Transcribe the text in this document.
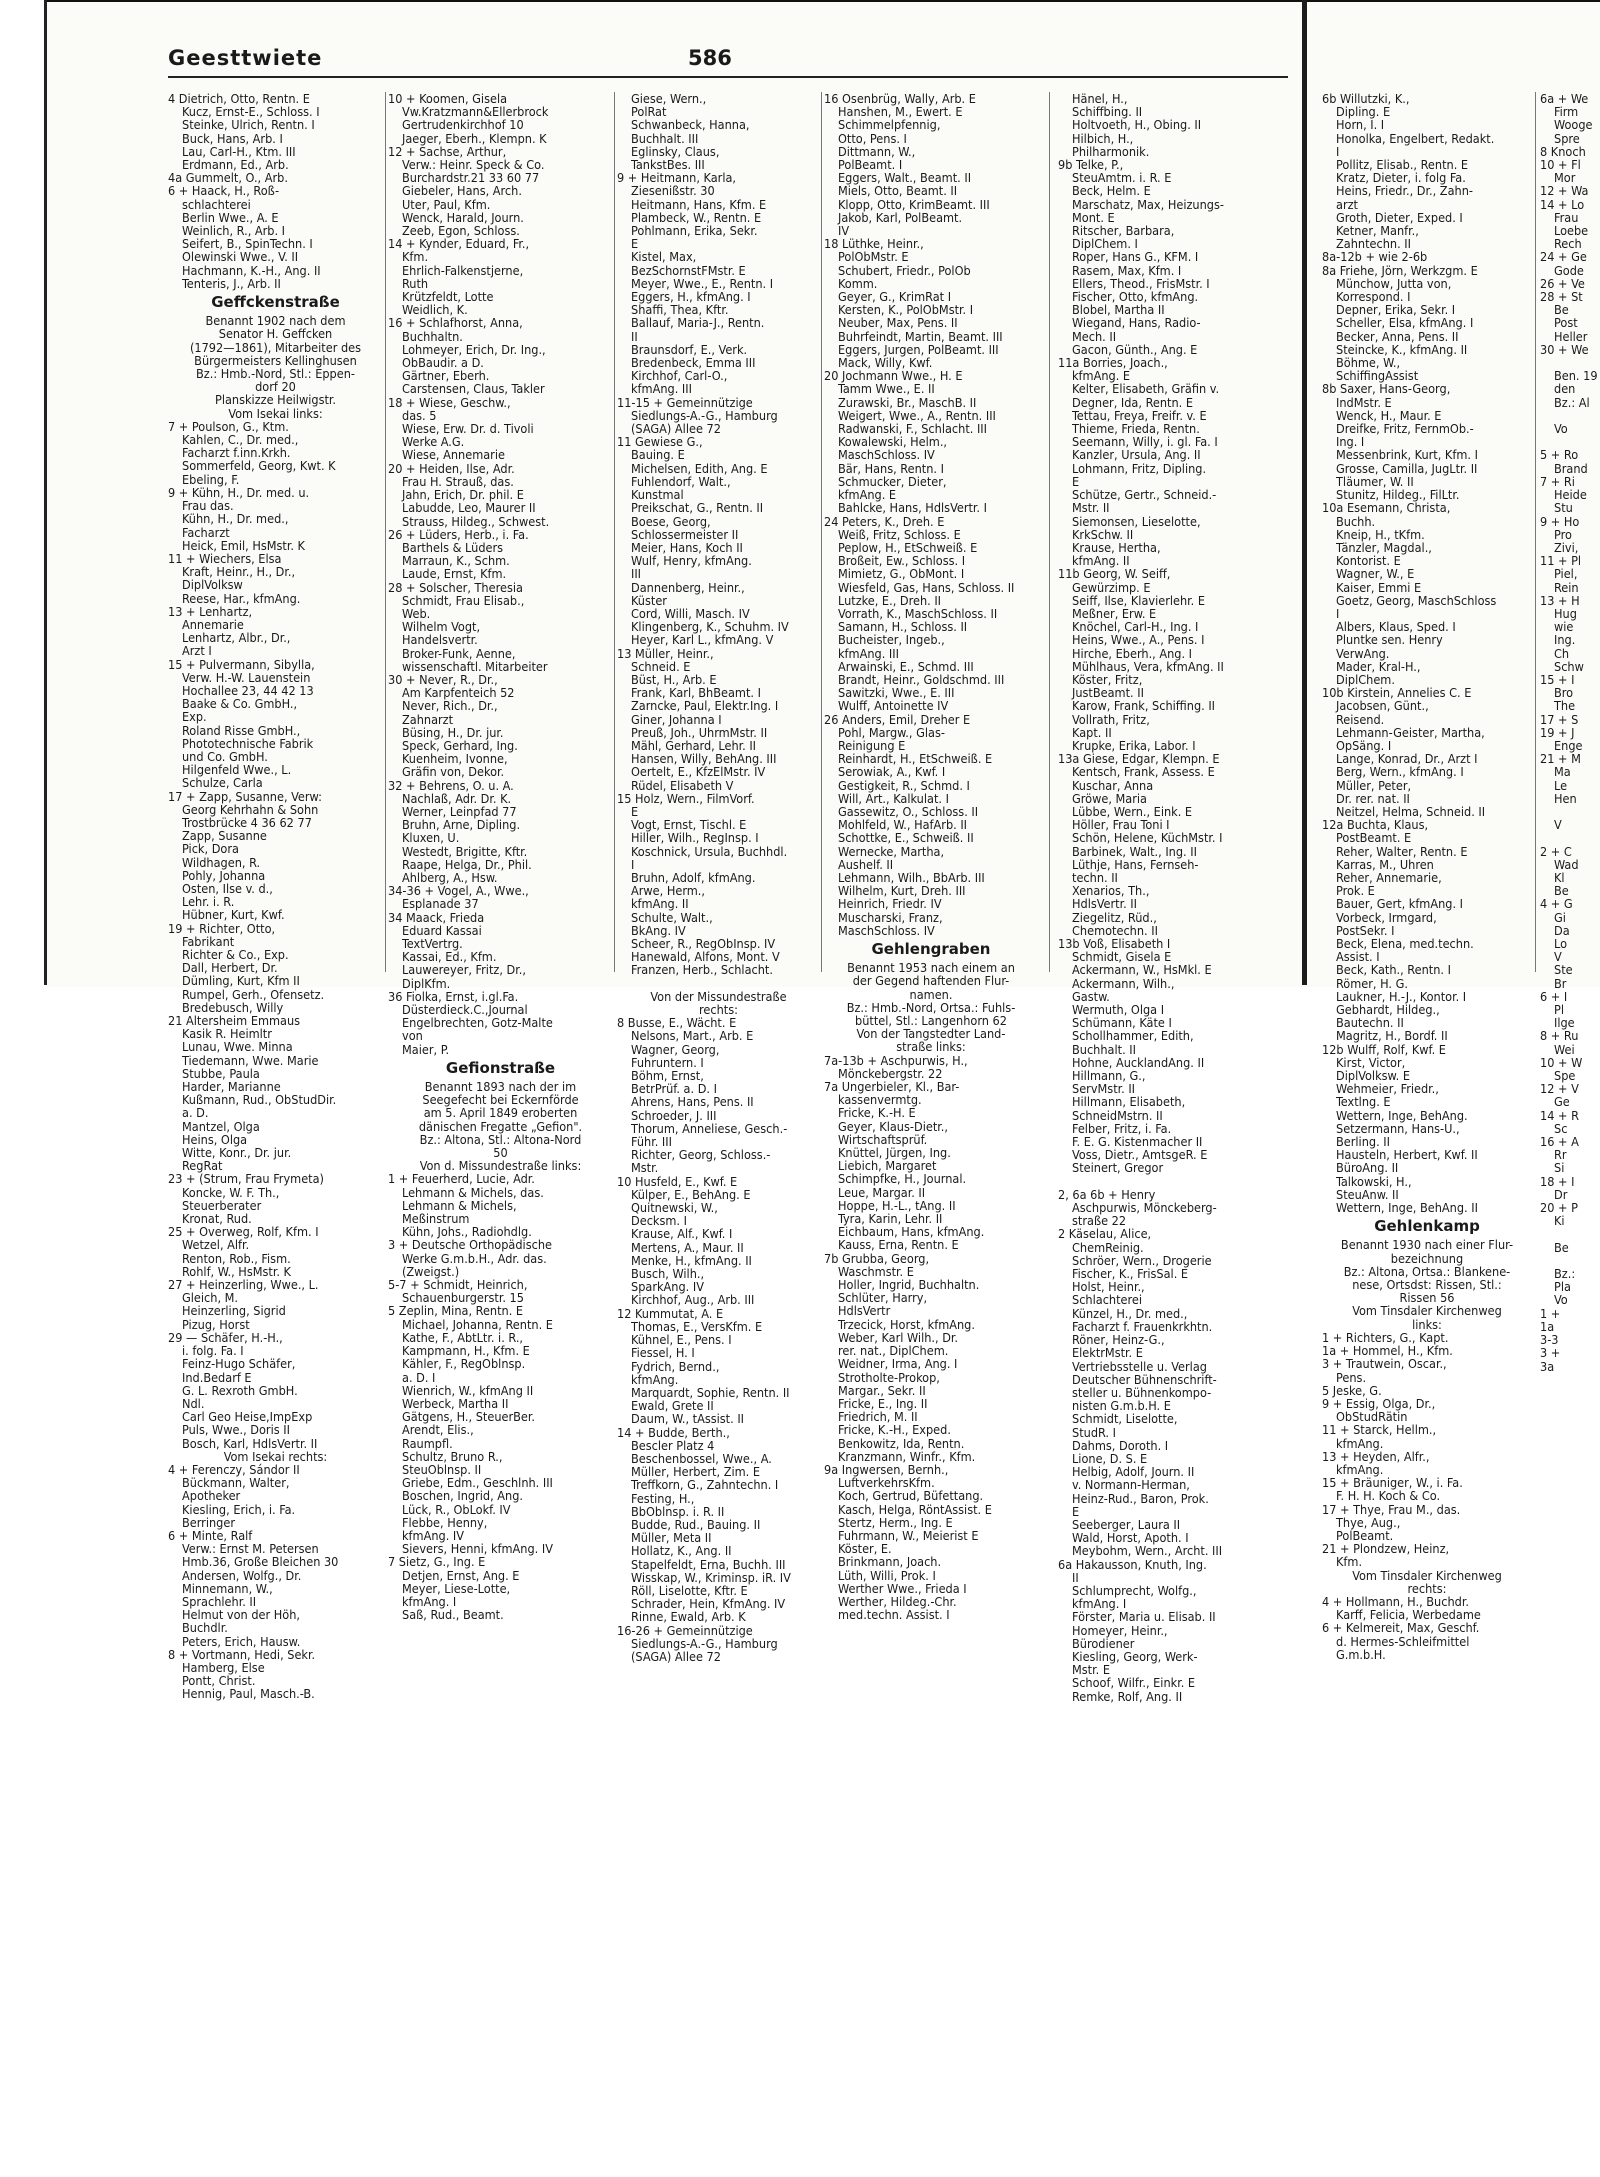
Geesttwiete	586
4 Dietrich, Otto, Rentn. E
Kucz, Ernst-E., Schloss. I
Steinke, Ulrich, Rentn. I
Buck, Hans, Arb. I
Lau, Carl-H., Ktm. III
Erdmann, Ed., Arb.
4a Gummelt, O., Arb.
6 + Haack, H., Roß-
schlachterei
Berlin Wwe., A. E
Weinlich, R., Arb. I
Seifert, B., SpinTechn. I
Olewinski Wwe., V. II
Hachmann, K.-H., Ang. II
Tenteris, J., Arb. II
Geffckenstraße
Benannt 1902 nach dem
Senator H. Geffcken
(1792—1861), Mitarbeiter des
Bürgermeisters Kellinghusen
Bz.: Hmb.-Nord, Stl.: Eppen-
dorf 20
Planskizze Heilwigstr.
Vom Isekai links:
7 + Poulson, G., Ktm.
Kahlen, C., Dr. med.,
Facharzt f.inn.Krkh.
Sommerfeld, Georg, Kwt. K
Ebeling, F.
9 + Kühn, H., Dr. med. u.
Frau das.
Kühn, H., Dr. med.,
Facharzt
Heick, Emil, HsMstr. K
11 + Wiechers, Elsa
Kraft, Heinr., H., Dr.,
DiplVolksw
Reese, Har., kfmAng.
13 + Lenhartz,
Annemarie
Lenhartz, Albr., Dr.,
Arzt I
15 + Pulvermann, Sibylla,
Verw. H.-W. Lauenstein
Hochallee 23, 44 42 13
Baake & Co. GmbH.,
Exp.
Roland Risse GmbH.,
Phototechnische Fabrik
und Co. GmbH.
Hilgenfeld Wwe., L.
Schulze, Carla
17 + Zapp, Susanne, Verw:
Georg Kehrhahn & Sohn
Trostbrücke 4 36 62 77
Zapp, Susanne
Pick, Dora
Wildhagen, R.
Pohly, Johanna
Osten, Ilse v. d.,
Lehr. i. R.
Hübner, Kurt, Kwf.
19 + Richter, Otto,
Fabrikant
Richter & Co., Exp.
Dall, Herbert, Dr.
Dümling, Kurt, Kfm II
Rumpel, Gerh., Ofensetz.
Bredebusch, Willy
21 Altersheim Emmaus
Kasik R. Heimltr
Lunau, Wwe. Minna
Tiedemann, Wwe. Marie
Stubbe, Paula
Harder, Marianne
Kußmann, Rud., ObStudDir.
a. D.
Mantzel, Olga
Heins, Olga
Witte, Konr., Dr. jur.
RegRat
23 + (Strum, Frau Frymeta)
Koncke, W. F. Th.,
Steuerberater
Kronat, Rud.
25 + Overweg, Rolf, Kfm. I
Wetzel, Alfr.
Renton, Rob., Fism.
Rohlf, W., HsMstr. K
27 + Heinzerling, Wwe., L.
Gleich, M.
Heinzerling, Sigrid
Pizug, Horst
29 — Schäfer, H.-H.,
i. folg. Fa. I
Feinz-Hugo Schäfer,
Ind.Bedarf E
G. L. Rexroth GmbH.
Ndl.
Carl Geo Heise,ImpExp
Puls, Wwe., Doris II
Bosch, Karl, HdlsVertr. II
Vom Isekai rechts:
4 + Ferenczy, Sándor II
Bückmann, Walter,
Apotheker
Kiesling, Erich, i. Fa.
Berringer
6 + Minte, Ralf
Verw.: Ernst M. Petersen
Hmb.36, Große Bleichen 30
Andersen, Wolfg., Dr.
Minnemann, W.,
Sprachlehr. II
Helmut von der Höh,
Buchdlr.
Peters, Erich, Hausw.
8 + Vortmann, Hedi, Sekr.
Hamberg, Else
Pontt, Christ.
Hennig, Paul, Masch.-B.
10 + Koomen, Gisela
Vw.Kratzmann&Ellerbrock
Gertrudenkirchhof 10
Jaeger, Eberh., Klempn. K
12 + Sachse, Arthur,
Verw.: Heinr. Speck & Co.
Burchardstr.21 33 60 77
Giebeler, Hans, Arch.
Uter, Paul, Kfm.
Wenck, Harald, Journ.
Zeeb, Egon, Schloss.
14 + Kynder, Eduard, Fr.,
Kfm.
Ehrlich-Falkenstjerne,
Ruth
Krützfeldt, Lotte
Weidlich, K.
16 + Schlafhorst, Anna,
Buchhaltn.
Lohmeyer, Erich, Dr. Ing.,
ObBaudir. a D.
Gärtner, Eberh.
Carstensen, Claus, Takler
18 + Wiese, Geschw.,
das. 5
Wiese, Erw. Dr. d. Tivoli
Werke A.G.
Wiese, Annemarie
20 + Heiden, Ilse, Adr.
Frau H. Strauß, das.
Jahn, Erich, Dr. phil. E
Labudde, Leo, Maurer II
Strauss, Hildeg., Schwest.
26 + Lüders, Herb., i. Fa.
Barthels & Lüders
Marraun, K., Schm.
Laude, Ernst, Kfm.
28 + Solscher, Theresia
Schmidt, Frau Elisab.,
Web.
Wilhelm Vogt,
Handelsvertr.
Broker-Funk, Aenne,
wissenschaftl. Mitarbeiter
30 + Never, R., Dr.,
Am Karpfenteich 52
Never, Rich., Dr.,
Zahnarzt
Büsing, H., Dr. jur.
Speck, Gerhard, Ing.
Kuenheim, Ivonne,
Gräfin von, Dekor.
32 + Behrens, O. u. A.
Nachlaß, Adr. Dr. K.
Werner, Leinpfad 77
Bruhn, Arne, Dipling.
Kluxen, U.
Westedt, Brigitte, Kftr.
Raape, Helga, Dr., Phil.
Ahlberg, A., Hsw.
34-36 + Vogel, A., Wwe.,
Esplanade 37
34 Maack, Frieda
Eduard Kassai
TextVertrg.
Kassai, Ed., Kfm.
Lauwereyer, Fritz, Dr.,
DiplKfm.
36 Fiolka, Ernst, i.gl.Fa.
Düsterdieck.C.,Journal
Engelbrechten, Gotz-Malte
von
Maier, P.
Gefionstraße
Benannt 1893 nach der im
Seegefecht bei Eckernförde
am 5. April 1849 eroberten
dänischen Fregatte „Gefion".
Bz.: Altona, Stl.: Altona-Nord
50
Von d. Missundestraße links:
1 + Feuerherd, Lucie, Adr.
Lehmann & Michels, das.
Lehmann & Michels,
Meßinstrum
Kühn, Johs., Radiohdlg.
3 + Deutsche Orthopädische
Werke G.m.b.H., Adr. das.
(Zweigst.)
5-7 + Schmidt, Heinrich,
Schauenburgerstr. 15
5 Zeplin, Mina, Rentn. E
Michael, Johanna, Rentn. E
Kathe, F., AbtLtr. i. R.,
Kampmann, H., Kfm. E
Kähler, F., RegOblnsp.
a. D. I
Wienrich, W., kfmAng II
Werbeck, Martha II
Gätgens, H., SteuerBer.
Arendt, Elis.,
Raumpfl.
Schultz, Bruno R.,
SteuOblnsp. II
Griebe, Edm., Geschlnh. III
Boschen, Ingrid, Ang.
Lück, R., ObLokf. IV
Flebbe, Henny,
kfmAng. IV
Sievers, Henni, kfmAng. IV
7 Sietz, G., Ing. E
Detjen, Ernst, Ang. E
Meyer, Liese-Lotte,
kfmAng. I
Saß, Rud., Beamt.
Giese, Wern.,
PolRat
Schwanbeck, Hanna,
Buchhalt. III
Eglinsky, Claus,
TankstBes. III
9 + Heitmann, Karla,
Ziesenißstr. 30
Heitmann, Hans, Kfm. E
Plambeck, W., Rentn. E
Pohlmann, Erika, Sekr.
E
Kistel, Max,
BezSchornstFMstr. E
Meyer, Wwe., E., Rentn. I
Eggers, H., kfmAng. I
Shaffi, Thea, Kftr.
Ballauf, Maria-J., Rentn.
II
Braunsdorf, E., Verk.
Bredenbeck, Emma III
Kirchhof, Carl-O.,
kfmAng. III
11-15 + Gemeinnützige
Siedlungs-A.-G., Hamburg
(SAGA) Allee 72
11 Gewiese G.,
Bauing. E
Michelsen, Edith, Ang. E
Fuhlendorf, Walt.,
Kunstmal
Preikschat, G., Rentn. II
Boese, Georg,
Schlossermeister II
Meier, Hans, Koch II
Wulf, Henry, kfmAng.
III
Dannenberg, Heinr.,
Küster
Cord, Willi, Masch. IV
Klingenberg, K., Schuhm. IV
Heyer, Karl L., kfmAng. V
13 Müller, Heinr.,
Schneid. E
Büst, H., Arb. E
Frank, Karl, BhBeamt. I
Zarncke, Paul, Elektr.Ing. I
Giner, Johanna I
Preuß, Joh., UhrmMstr. II
Mähl, Gerhard, Lehr. II
Hansen, Willy, BehAng. III
Oertelt, E., KfzElMstr. IV
Rüdel, Elisabeth V
15 Holz, Wern., FilmVorf.
E
Vogt, Ernst, Tischl. E
Hiller, Wilh., RegInsp. I
Koschnick, Ursula, Buchhdl.
I
Bruhn, Adolf, kfmAng.
Arwe, Herm.,
kfmAng. II
Schulte, Walt.,
BkAng. IV
Scheer, R., RegObInsp. IV
Hanewald, Alfons, Mont. V
Franzen, Herb., Schlacht.

Von der Missundestraße
rechts:
8 Busse, E., Wächt. E
Nelsons, Mart., Arb. E
Wagner, Georg,
Fuhruntern. I
Böhm, Ernst,
BetrPrüf. a. D. I
Ahrens, Hans, Pens. II
Schroeder, J. III
Thorum, Anneliese, Gesch.-
Führ. III
Richter, Georg, Schloss.-
Mstr.
10 Husfeld, E., Kwf. E
Külper, E., BehAng. E
Quitnewski, W.,
Decksm. I
Krause, Alf., Kwf. I
Mertens, A., Maur. II
Menke, H., kfmAng. II
Busch, Wilh.,
SparkAng. IV
Kirchhof, Aug., Arb. III
12 Kummutat, A. E
Thomas, E., VersKfm. E
Kühnel, E., Pens. I
Fiessel, H. I
Fydrich, Bernd.,
kfmAng.
Marquardt, Sophie, Rentn. II
Ewald, Grete II
Daum, W., tAssist. II
14 + Budde, Berth.,
Bescler Platz 4
Beschenbossel, Wwe., A.
Müller, Herbert, Zim. E
Treffkorn, G., Zahntechn. I
Festing, H.,
BbOblnsp. i. R. II
Budde, Rud., Bauing. II
Müller, Meta II
Hollatz, K., Ang. II
Stapelfeldt, Erna, Buchh. III
Wisskap, W., Kriminsp. iR. IV
Röll, Liselotte, Kftr. E
Schrader, Hein, KfmAng. IV
Rinne, Ewald, Arb. K
16-26 + Gemeinnützige
Siedlungs-A.-G., Hamburg
(SAGA) Allee 72
16 Osenbrüg, Wally, Arb. E
Hanshen, M., Ewert. E
Schimmelpfennig,
Otto, Pens. I
Dittmann, W.,
PolBeamt. I
Eggers, Walt., Beamt. II
Miels, Otto, Beamt. II
Klopp, Otto, KrimBeamt. III
Jakob, Karl, PolBeamt.
IV
18 Lüthke, Heinr.,
PolObMstr. E
Schubert, Friedr., PolOb
Komm.
Geyer, G., KrimRat I
Kersten, K., PolObMstr. I
Neuber, Max, Pens. II
Buhrfeindt, Martin, Beamt. III
Eggers, Jurgen, PolBeamt. III
Mack, Willy, Kwf.
20 Jochmann Wwe., H. E
Tamm Wwe., E. II
Zurawski, Br., MaschB. II
Weigert, Wwe., A., Rentn. III
Radwanski, F., Schlacht. III
Kowalewski, Helm.,
MaschSchloss. IV
Bär, Hans, Rentn. I
Schmucker, Dieter,
kfmAng. E
Bahlcke, Hans, HdlsVertr. I
24 Peters, K., Dreh. E
Weiß, Fritz, Schloss. E
Peplow, H., EtSchweiß. E
Broßeit, Ew., Schloss. I
Mimietz, G., ObMont. I
Wiesfeld, Gas, Hans, Schloss. II
Lutzke, E., Dreh. II
Vorrath, K., MaschSchloss. II
Samann, H., Schloss. II
Bucheister, Ingeb.,
kfmAng. III
Arwainski, E., Schmd. III
Brandt, Heinr., Goldschmd. III
Sawitzki, Wwe., E. III
Wulff, Antoinette IV
26 Anders, Emil, Dreher E
Pohl, Margw., Glas-
Reinigung E
Reinhardt, H., EtSchweiß. E
Serowiak, A., Kwf. I
Gestigkeit, R., Schmd. I
Will, Art., Kalkulat. I
Gassewitz, O., Schloss. II
Mohlfeld, W., HafArb. II
Schottke, E., Schweiß. II
Wernecke, Martha,
Aushelf. II
Lehmann, Wilh., BbArb. III
Wilhelm, Kurt, Dreh. III
Heinrich, Friedr. IV
Muscharski, Franz,
MaschSchloss. IV
Gehlengraben
Benannt 1953 nach einem an
der Gegend haftenden Flur-
namen.
Bz.: Hmb.-Nord, Ortsa.: Fuhls-
büttel, Stl.: Langenhorn 62
Von der Tangstedter Land-
straße links:
7a-13b + Aschpurwis, H.,
Mönckebergstr. 22
7a Ungerbieler, Kl., Bar-
kassenvermtg.
Fricke, K.-H. E
Geyer, Klaus-Dietr.,
Wirtschaftsprüf.
Knüttel, Jürgen, Ing.
Liebich, Margaret
Schimpfke, H., Journal.
Leue, Margar. II
Hoppe, H.-L., tAng. II
Tyra, Karin, Lehr. II
Eichbaum, Hans, kfmAng.
Kauss, Erna, Rentn. E
7b Grubba, Georg,
Waschmstr. E
Holler, Ingrid, Buchhaltn.
Schlüter, Harry,
HdlsVertr
Trzecick, Horst, kfmAng.
Weber, Karl Wilh., Dr.
rer. nat., DiplChem.
Weidner, Irma, Ang. I
Strotholte-Prokop,
Margar., Sekr. II
Fricke, E., Ing. II
Friedrich, M. II
Fricke, K.-H., Exped.
Benkowitz, Ida, Rentn.
Kranzmann, Winfr., Kfm.
9a Ingwersen, Bernh.,
LuftverkehrsKfm.
Koch, Gertrud, Büfettang.
Kasch, Helga, RöntAssist. E
Stertz, Herm., Ing. E
Fuhrmann, W., Meierist E
Köster, E.
Brinkmann, Joach.
Lüth, Willi, Prok. I
Werther Wwe., Frieda I
Werther, Hildeg.-Chr.
med.techn. Assist. I
Hänel, H.,
Schiffbing. II
Holtvoeth, H., Obing. II
Hilbich, H.,
Philharmonik.
9b Telke, P.,
SteuAmtm. i. R. E
Beck, Helm. E
Marschatz, Max, Heizungs-
Mont. E
Ritscher, Barbara,
DiplChem. I
Roper, Hans G., KFM. I
Rasem, Max, Kfm. I
Ellers, Theod., FrisMstr. I
Fischer, Otto, kfmAng.
Blobel, Martha II
Wiegand, Hans, Radio-
Mech. II
Gacon, Günth., Ang. E
11a Borries, Joach.,
kfmAng. E
Kelter, Elisabeth, Gräfin v.
Degner, Ida, Rentn. E
Tettau, Freya, Freifr. v. E
Thieme, Frieda, Rentn.
Seemann, Willy, i. gl. Fa. I
Kanzler, Ursula, Ang. II
Lohmann, Fritz, Dipling.
E
Schütze, Gertr., Schneid.-
Mstr. II
Siemonsen, Lieselotte,
KrkSchw. II
Krause, Hertha,
kfmAng. II
11b Georg, W. Seiff,
Gewürzimp. E
Seiff, Ilse, Klavierlehr. E
Meßner, Erw. E
Knöchel, Carl-H., Ing. I
Heins, Wwe., A., Pens. I
Hirche, Eberh., Ang. I
Mühlhaus, Vera, kfmAng. II
Köster, Fritz,
JustBeamt. II
Karow, Frank, Schiffing. II
Vollrath, Fritz,
Kapt. II
Krupke, Erika, Labor. I
13a Giese, Edgar, Klempn. E
Kentsch, Frank, Assess. E
Kuschar, Anna
Gröwe, Maria
Lübbe, Wern., Eink. E
Höller, Frau Toni I
Schön, Helene, KüchMstr. I
Barbinek, Walt., Ing. II
Lüthje, Hans, Fernseh-
techn. II
Xenarios, Th.,
HdlsVertr. II
Ziegelitz, Rüd.,
Chemotechn. II
13b Voß, Elisabeth I
Schmidt, Gisela E
Ackermann, W., HsMkl. E
Ackermann, Wilh.,
Gastw.
Wermuth, Olga I
Schümann, Käte I
Schollhammer, Edith,
Buchhalt. II
Hohne, AucklandAng. II
Hillmann, G.,
ServMstr. II
Hillmann, Elisabeth,
SchneidMstrn. II
Felber, Fritz, i. Fa.
F. E. G. Kistenmacher II
Voss, Dietr., AmtsgeR. E
Steinert, Gregor

2, 6a 6b + Henry
Aschpurwis, Mönckeberg-
straße 22
2 Käselau, Alice,
ChemReinig.
Schröer, Wern., Drogerie
Fischer, K., FrisSal. E
Holst, Heinr.,
Schlachterei
Künzel, H., Dr. med.,
Facharzt f. Frauenkrkhtn.
Röner, Heinz-G.,
ElektrMstr. E
Vertriebsstelle u. Verlag
Deutscher Bühnenschrift-
steller u. Bühnenkompo-
nisten G.m.b.H. E
Schmidt, Liselotte,
StudR. I
Dahms, Doroth. I
Lione, D. S. E
Helbig, Adolf, Journ. II
v. Normann-Herman,
Heinz-Rud., Baron, Prok.
E
Seeberger, Laura II
Wald, Horst, Apoth. I
Meybohm, Wern., Archt. III
6a Hakausson, Knuth, Ing.
II
Schlumprecht, Wolfg.,
kfmAng. I
Förster, Maria u. Elisab. II
Homeyer, Heinr.,
Bürodiener
Kiesling, Georg, Werk-
Mstr. E
Schoof, Wilfr., Einkr. E
Remke, Rolf, Ang. II
6b Willutzki, K.,
Dipling. E
Horn, I. I
Honolka, Engelbert, Redakt.
I
Pollitz, Elisab., Rentn. E
Kratz, Dieter, i. folg Fa.
Heins, Friedr., Dr., Zahn-
arzt
Groth, Dieter, Exped. I
Ketner, Manfr.,
Zahntechn. II
8a-12b + wie 2-6b
8a Friehe, Jörn, Werkzgm. E
Münchow, Jutta von,
Korrespond. I
Depner, Erika, Sekr. I
Scheller, Elsa, kfmAng. I
Becker, Anna, Pens. II
Steincke, K., kfmAng. II
Böhme, W.,
SchiffingAssist
8b Saxer, Hans-Georg,
IndMstr. E
Wenck, H., Maur. E
Dreifke, Fritz, FernmOb.-
Ing. I
Messenbrink, Kurt, Kfm. I
Grosse, Camilla, JugLtr. II
Tläumer, W. II
Stunitz, Hildeg., FilLtr.
10a Esemann, Christa,
Buchh.
Kneip, H., tKfm.
Tänzler, Magdal.,
Kontorist. E
Wagner, W., E
Kaiser, Emmi E
Goetz, Georg, MaschSchloss
I
Albers, Klaus, Sped. I
Pluntke sen. Henry
VerwAng.
Mader, Kral-H.,
DiplChem.
10b Kirstein, Annelies C. E
Jacobsen, Günt.,
Reisend.
Lehmann-Geister, Martha,
OpSäng. I
Lange, Konrad, Dr., Arzt I
Berg, Wern., kfmAng. I
Müller, Peter,
Dr. rer. nat. II
Neitzel, Helma, Schneid. II
12a Buchta, Klaus,
PostBeamt. E
Reher, Walter, Rentn. E
Karras, M., Uhren
Reher, Annemarie,
Prok. E
Bauer, Gert, kfmAng. I
Vorbeck, Irmgard,
PostSekr. I
Beck, Elena, med.techn.
Assist. I
Beck, Kath., Rentn. I
Römer, H. G.
Laukner, H.-J., Kontor. I
Gebhardt, Hildeg.,
Bautechn. II
Magritz, H., Bordf. II
12b Wulff, Rolf, Kwf. E
Kirst, Victor,
DiplVolksw. E
Wehmeier, Friedr.,
Textlng. E
Wettern, Inge, BehAng.
Setzermann, Hans-U.,
Berling. II
Hausteln, Herbert, Kwf. II
BüroAng. II
Talkowski, H.,
SteuAnw. II
Wettern, Inge, BehAng. II
Gehlenkamp
Benannt 1930 nach einer Flur-
bezeichnung
Bz.: Altona, Ortsa.: Blankene-
nese, Ortsdst: Rissen, Stl.:
Rissen 56
Vom Tinsdaler Kirchenweg
links:
1 + Richters, G., Kapt.
1a + Hommel, H., Kfm.
3 + Trautwein, Oscar.,
Pens.
5 Jeske, G.
9 + Essig, Olga, Dr.,
ObStudRätin
11 + Starck, Hellm.,
kfmAng.
13 + Heyden, Alfr.,
kfmAng.
15 + Bräuniger, W., i. Fa.
F. H. H. Koch & Co.
17 + Thye, Frau M., das.
Thye, Aug.,
PolBeamt.
21 + Plondzew, Heinz,
Kfm.
Vom Tinsdaler Kirchenweg
rechts:
4 + Hollmann, H., Buchdr.
Karff, Felicia, Werbedame
6 + Kelmereit, Max, Geschf.
d. Hermes-Schleifmittel
G.m.b.H.
6a + We
Firm
Wooge
Spre
8 Knoch
10 + Fl
Mor
12 + Wa
14 + Lo
Frau
Loebe
Rech
24 + Ge
Gode
26 + Ve
28 + St
Be
Post
Heller
30 + We

Ben. 19
den
Bz.: Al

Vo

5 + Ro
Brand
7 + Ri
Heide
Stu
9 + Ho
Pro
Zivi,
11 + Pl
Piel,
Rein
13 + H
Hug
wie
Ing.
Ch
Schw
15 + I
Bro
The
17 + S
19 + J
Enge
21 + M
Ma
Le
Hen

V

2 + C
Wad
Kl
Be
4 + G
Gi
Da
Lo
V
Ste
Br
6 + I
Pl
Ilge
8 + Ru
Wei
10 + W
Spe
12 + V
Ge
14 + R
Sc
16 + A
Rr
Si
18 + I
Dr
20 + P
Ki

Be

Bz.:
Pla
Vo
1 +
1a
3-3
3 +
3a
